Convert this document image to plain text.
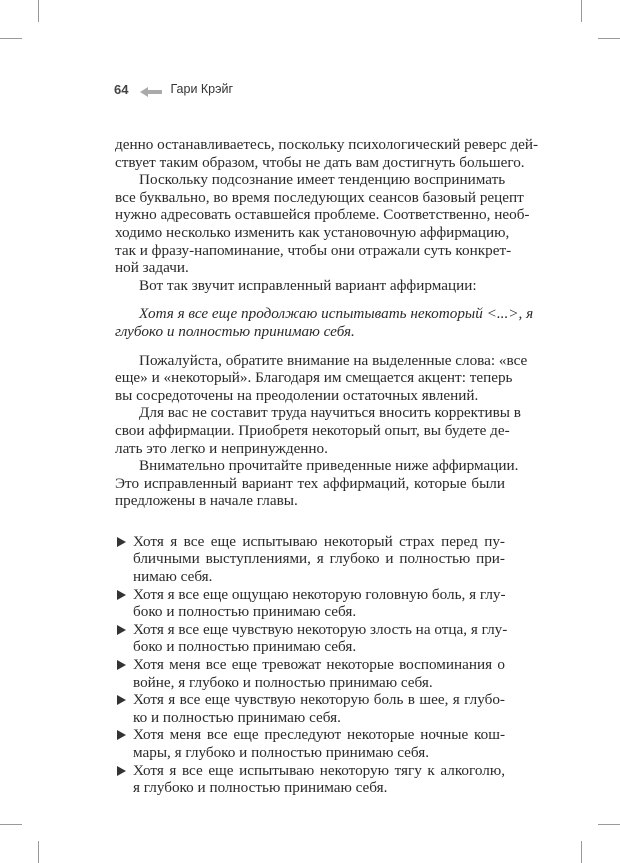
64	Гари Крэйг
денно останавливаетесь, поскольку психологический реверс дей-
ствует таким образом, чтобы не дать вам достигнуть большего.
Поскольку подсознание имеет тенденцию воспринимать
все буквально, во время последующих сеансов базовый рецепт
нужно адресовать оставшейся проблеме. Соответственно, необ-
ходимо несколько изменить как установочную аффирмацию,
так и фразу-напоминание, чтобы они отражали суть конкрет-
ной задачи.
Вот так звучит исправленный вариант аффирмации:
Хотя я все еще продолжаю испытывать некоторый <...>, я
глубоко и полностью принимаю себя.
Пожалуйста, обратите внимание на выделенные слова: «все
еще» и «некоторый». Благодаря им смещается акцент: теперь
вы сосредоточены на преодолении остаточных явлений.
Для вас не составит труда научиться вносить коррективы в
свои аффирмации. Приобретя некоторый опыт, вы будете де-
лать это легко и непринужденно.
Внимательно прочитайте приведенные ниже аффирмации.
Это исправленный вариант тех аффирмаций, которые были
предложены в начале главы.
Хотя я все еще испытываю некоторый страх перед пу-
бличными выступлениями, я глубоко и полностью при-
нимаю себя.
Хотя я все еще ощущаю некоторую головную боль, я глу-
боко и полностью принимаю себя.
Хотя я все еще чувствую некоторую злость на отца, я глу-
боко и полностью принимаю себя.
Хотя меня все еще тревожат некоторые воспоминания о
войне, я глубоко и полностью принимаю себя.
Хотя я все еще чувствую некоторую боль в шее, я глубо-
ко и полностью принимаю себя.
Хотя меня все еще преследуют некоторые ночные кош-
мары, я глубоко и полностью принимаю себя.
Хотя я все еще испытываю некоторую тягу к алкоголю,
я глубоко и полностью принимаю себя.
